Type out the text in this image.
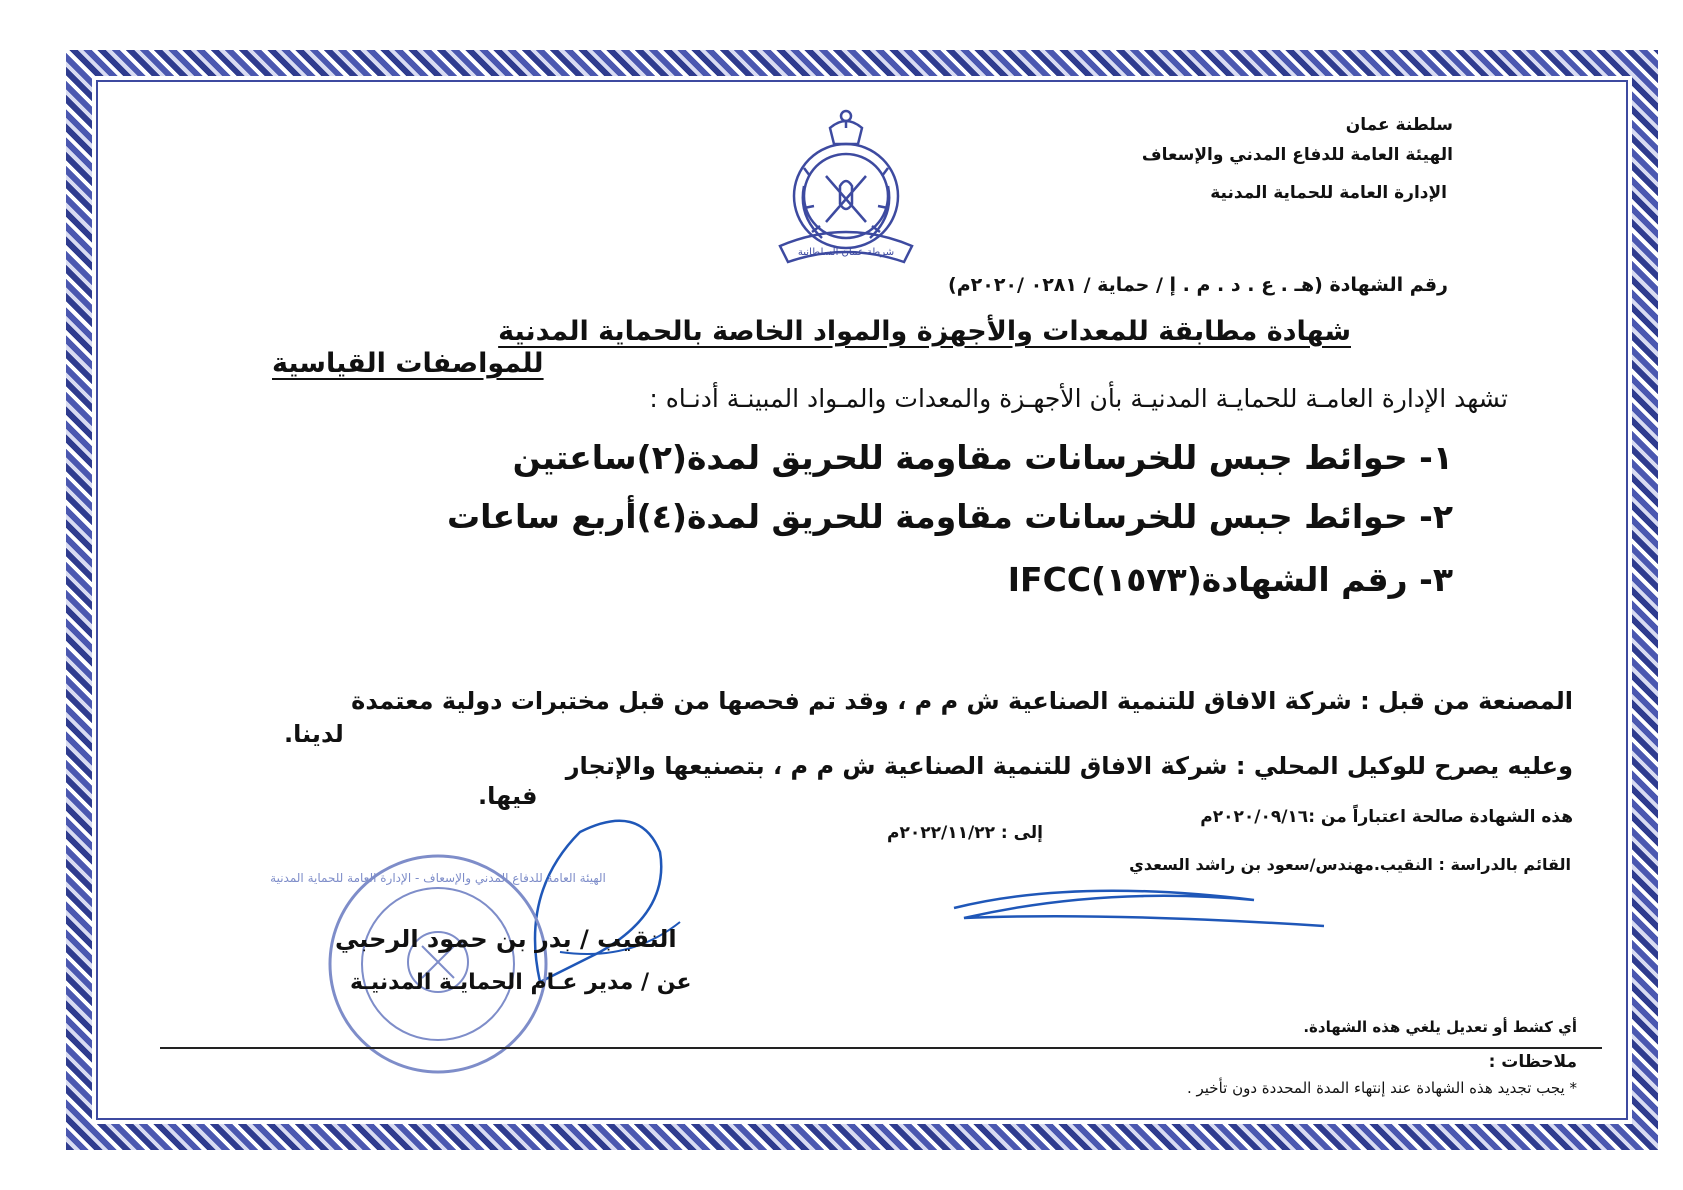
سلطنة عمان
الهيئة العامة للدفاع المدني والإسعاف
الإدارة العامة للحماية المدنية
شرطة عمان السلطانية
رقم الشهادة (هـ . ع . د . م . إ / حماية / ٠٢٨١ /٢٠٢٠م)
شهادة مطابقة للمعدات والأجهزة والمواد الخاصة بالحماية المدنية
للمواصفات القياسية
تشهد الإدارة العامـة للحمايـة المدنيـة بأن الأجهـزة والمعدات والمـواد المبينـة أدنـاه :
١- حوائط جبس للخرسانات مقاومة للحريق لمدة(٢)ساعتين
٢- حوائط جبس للخرسانات مقاومة للحريق لمدة(٤)أربع ساعات
٣- رقم الشهادة(١٥٧٣)IFCC
المصنعة من قبل : شركة الافاق للتنمية الصناعية ش م م ، وقد تم فحصها من قبل مختبرات دولية معتمدة
لدينا.
وعليه يصرح للوكيل المحلي : شركة الافاق للتنمية الصناعية ش م م ، بتصنيعها والإتجار
فيها.
هذه الشهادة صالحة اعتباراً من :٢٠٢٠/٠٩/١٦م
إلى : ٢٠٢٢/١١/٢٢م
القائم بالدراسة : النقيب.مهندس/سعود بن راشد السعدي
الهيئة العامة للدفاع المدني والإسعاف - الإدارة العامة للحماية المدنية
النقيب / بدر بن حمود الرحبي
عن / مدير عـام الحمايـة المدنيـة
أي كشط أو تعديل يلغي هذه الشهادة.
ملاحظات :
* يجب تجديد هذه الشهادة عند إنتهاء المدة المحددة دون تأخير .
